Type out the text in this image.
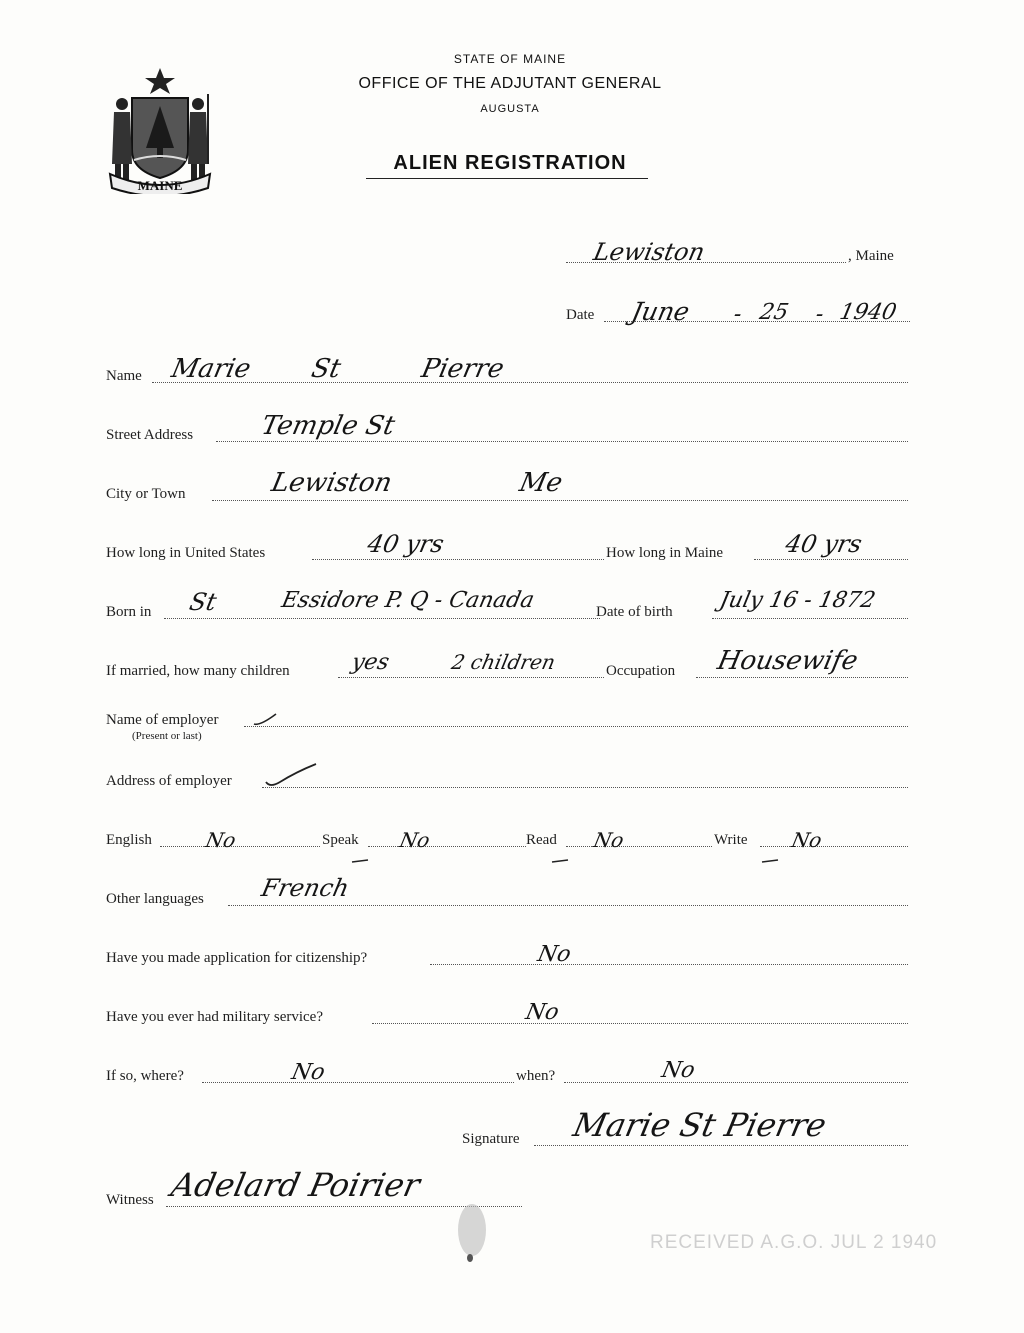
MAINE
STATE OF MAINE
OFFICE OF THE ADJUTANT GENERAL
AUGUSTA
ALIEN REGISTRATION
Lewiston	, Maine
Date June - 25 - 1940
Name Marie St	Pierre
Street Address	Temple St
City or Town	Lewiston	Me
How long in United States	40 yrs	How long in Maine 40 yrs
Born in St	Essidore P. Q - Canada	Date of birth July 16 - 1872
If married, how many children	yes	2 children	Occupation Housewife
Name of employer
(Present or last)
Address of employer
English	No	Speak No	Read No	Write No
Other languages French
Have you made application for citizenship?	No
Have you ever had military service?	No
If so, where?	No	when?	No
Signature Marie St Pierre
Witness Adelard Poirier
RECEIVED A.G.O. JUL 2 1940
